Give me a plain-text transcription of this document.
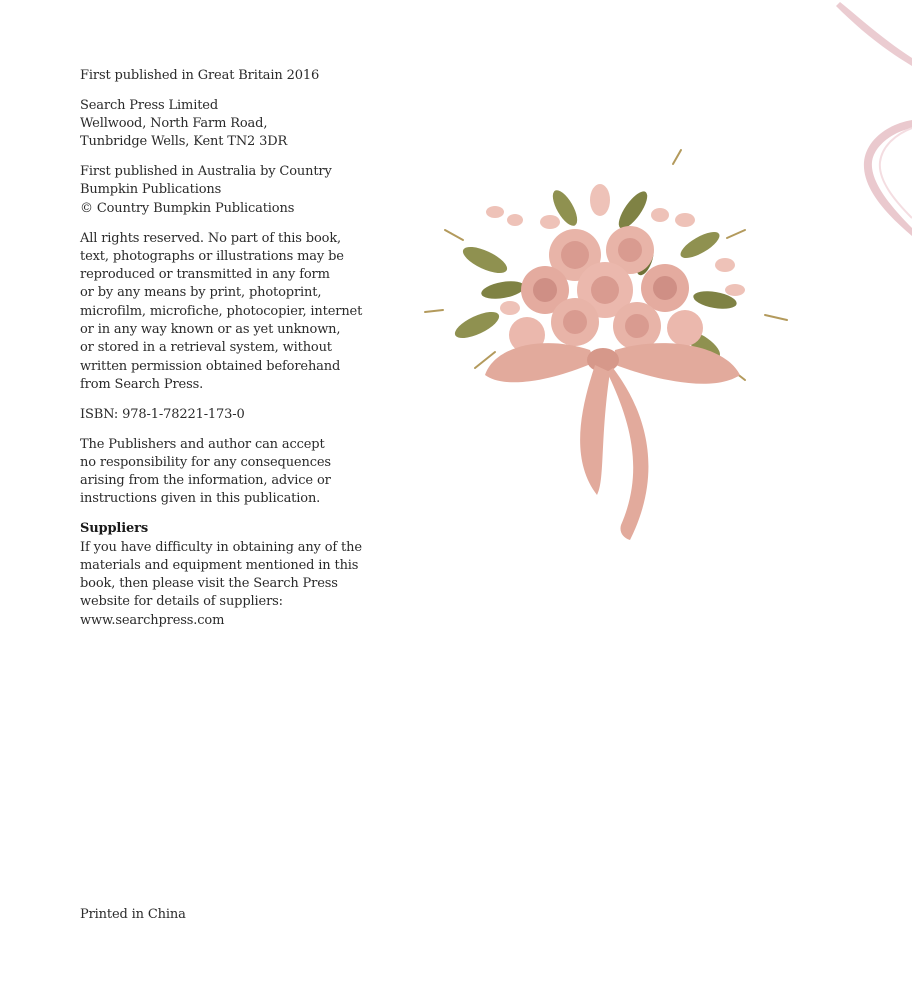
First published in Great Britain 2016

Search Press Limited
Wellwood, North Farm Road,
Tunbridge Wells, Kent TN2 3DR

First published in Australia by Country
Bumpkin Publications
© Country Bumpkin Publications

All rights reserved. No part of this book,
text, photographs or illustrations may be
reproduced or transmitted in any form
or by any means by print, photoprint,
microfilm, microfiche, photocopier, internet
or in any way known or as yet unknown,
or stored in a retrieval system, without
written permission obtained beforehand
from Search Press.

ISBN: 978-1-78221-173-0

The Publishers and author can accept
no responsibility for any consequences
arising from the information, advice or
instructions given in this publication.

Suppliers
If you have difficulty in obtaining any of the
materials and equipment mentioned in this
book, then please visit the Search Press
website for details of suppliers:
www.searchpress.com

Printed in China
